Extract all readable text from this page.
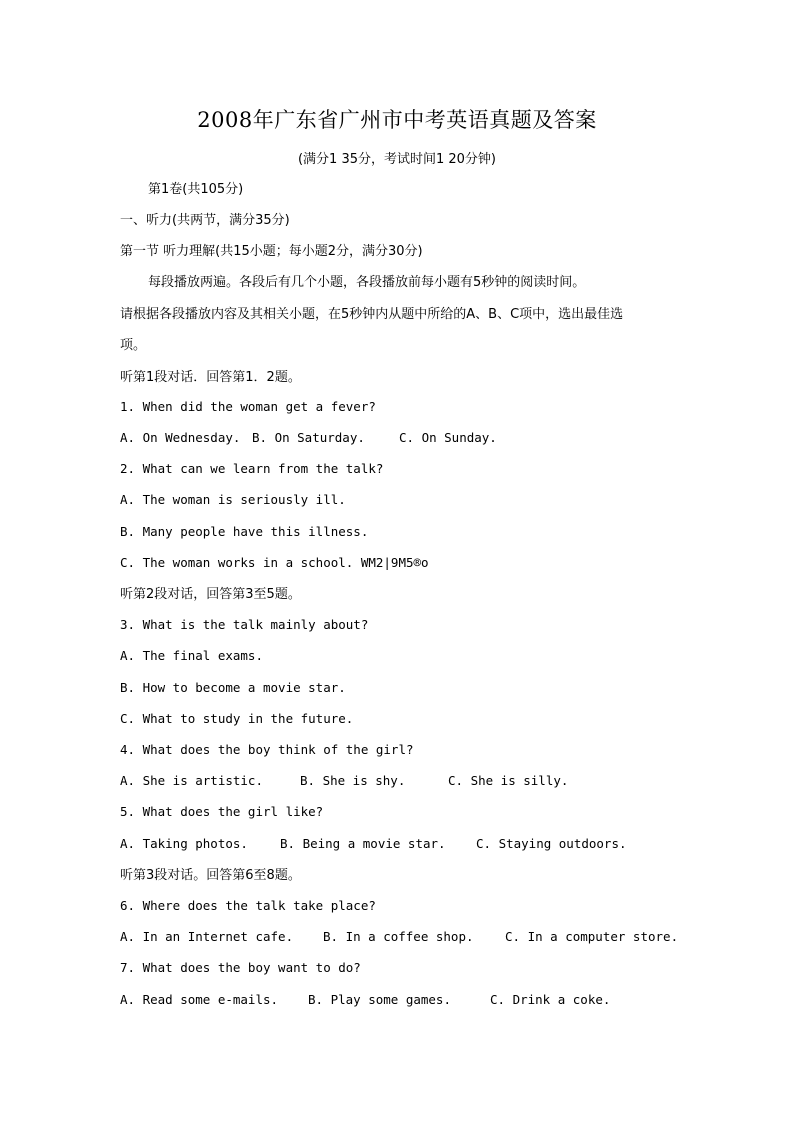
2008年广东省广州市中考英语真题及答案
(满分1 35分，考试时间1 20分钟)
第1卷(共105分)
一、听力(共两节，满分35分)
第一节 听力理解(共15小题；每小题2分，满分30分)
每段播放两遍。各段后有几个小题，各段播放前每小题有5秒钟的阅读时间。
请根据各段播放内容及其相关小题，在5秒钟内从题中所给的A、B、C项中，选出最佳选
项。
听第1段对话．回答第1．2题。
1. When did the woman get a fever?
A. On Wednesday. B. On Saturday.	C. On Sunday.
2. What can we learn from the talk?
A. The woman is seriously ill.
B. Many people have this illness.
C. The woman works in a school. WM2|9M5®o
听第2段对话，回答第3至5题。
3. What is the talk mainly about?
A. The final exams.
B. How to become a movie star.
C. What to study in the future.
4. What does the boy think of the girl?
A. She is artistic.	B. She is shy.	C. She is silly.
5. What does the girl like?
A. Taking photos.	B. Being a movie star. C. Staying outdoors.
听第3段对话。回答第6至8题。
6. Where does the talk take place?
A. In an Internet cafe. B. In a coffee shop.	C. In a computer store.
7. What does the boy want to do?
A. Read some e-mails. B. Play some games.	C. Drink a coke.
